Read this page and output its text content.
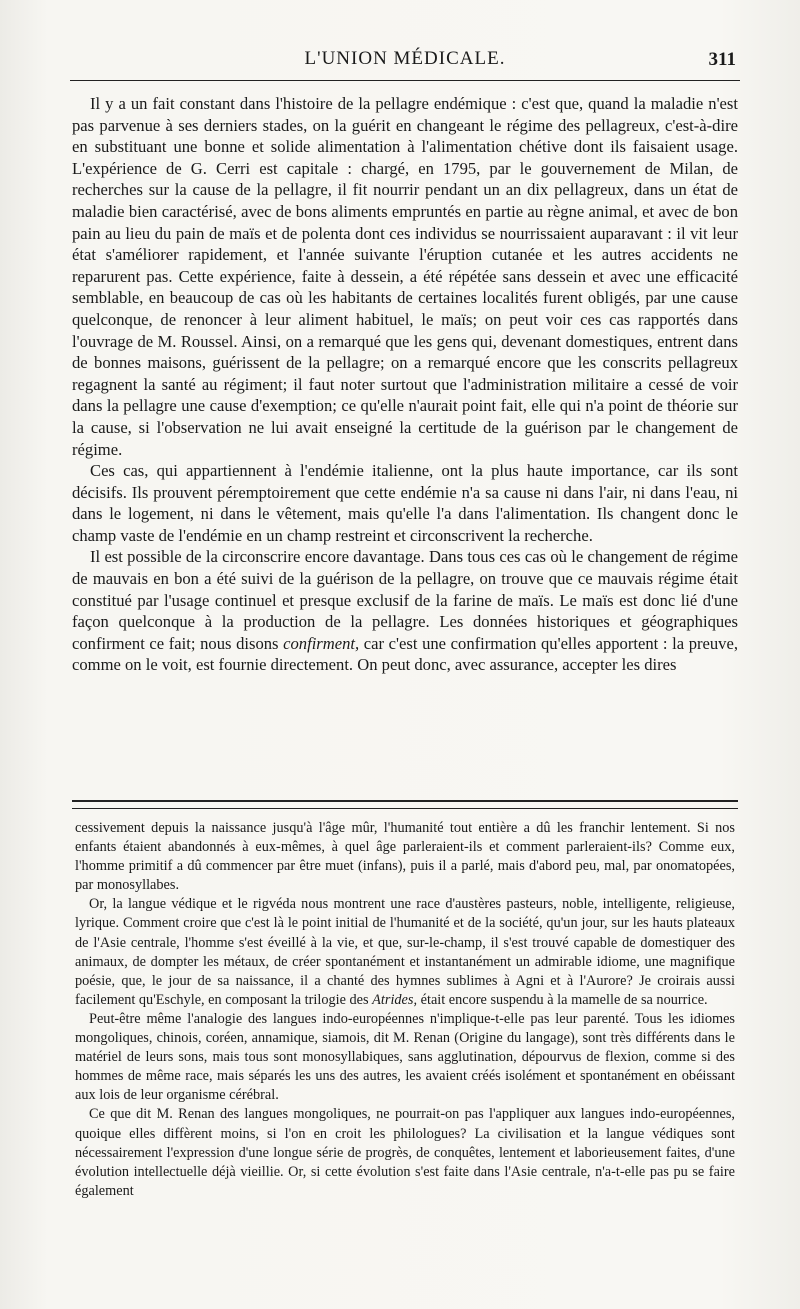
L'UNION MÉDICALE.	311

Il y a un fait constant dans l'histoire de la pellagre endémique : c'est que, quand la maladie n'est pas parvenue à ses derniers stades, on la guérit en changeant le régime des pellagreux, c'est-à-dire en substituant une bonne et solide alimentation à l'alimentation chétive dont ils faisaient usage. L'expérience de G. Cerri est capitale : chargé, en 1795, par le gouvernement de Milan, de recherches sur la cause de la pellagre, il fit nourrir pendant un an dix pellagreux, dans un état de maladie bien caractérisé, avec de bons aliments empruntés en partie au règne animal, et avec de bon pain au lieu du pain de maïs et de polenta dont ces individus se nourrissaient auparavant : il vit leur état s'améliorer rapidement, et l'année suivante l'éruption cutanée et les autres accidents ne reparurent pas. Cette expérience, faite à dessein, a été répétée sans dessein et avec une efficacité semblable, en beaucoup de cas où les habitants de certaines localités furent obligés, par une cause quelconque, de renoncer à leur aliment habituel, le maïs; on peut voir ces cas rapportés dans l'ouvrage de M. Roussel. Ainsi, on a remarqué que les gens qui, devenant domestiques, entrent dans de bonnes maisons, guérissent de la pellagre; on a remarqué encore que les conscrits pellagreux regagnent la santé au régiment; il faut noter surtout que l'administration militaire a cessé de voir dans la pellagre une cause d'exemption; ce qu'elle n'aurait point fait, elle qui n'a point de théorie sur la cause, si l'observation ne lui avait enseigné la certitude de la guérison par le changement de régime.

Ces cas, qui appartiennent à l'endémie italienne, ont la plus haute importance, car ils sont décisifs. Ils prouvent péremptoirement que cette endémie n'a sa cause ni dans l'air, ni dans l'eau, ni dans le logement, ni dans le vêtement, mais qu'elle l'a dans l'alimentation. Ils changent donc le champ vaste de l'endémie en un champ restreint et circonscrivent la recherche.

Il est possible de la circonscrire encore davantage. Dans tous ces cas où le changement de régime de mauvais en bon a été suivi de la guérison de la pellagre, on trouve que ce mauvais régime était constitué par l'usage continuel et presque exclusif de la farine de maïs. Le maïs est donc lié d'une façon quelconque à la production de la pellagre. Les données historiques et géographiques confirment ce fait; nous disons confirment, car c'est une confirmation qu'elles apportent : la preuve, comme on le voit, est fournie directement. On peut donc, avec assurance, accepter les dires

cessivement depuis la naissance jusqu'à l'âge mûr, l'humanité tout entière a dû les franchir lentement. Si nos enfants étaient abandonnés à eux-mêmes, à quel âge parleraient-ils et comment parleraient-ils? Comme eux, l'homme primitif a dû commencer par être muet (infans), puis il a parlé, mais d'abord peu, mal, par onomatopées, par monosyllabes.

Or, la langue védique et le rigvéda nous montrent une race d'austères pasteurs, noble, intelligente, religieuse, lyrique. Comment croire que c'est là le point initial de l'humanité et de la société, qu'un jour, sur les hauts plateaux de l'Asie centrale, l'homme s'est éveillé à la vie, et que, sur-le-champ, il s'est trouvé capable de domestiquer des animaux, de dompter les métaux, de créer spontanément et instantanément un admirable idiome, une magnifique poésie, que, le jour de sa naissance, il a chanté des hymnes sublimes à Agni et à l'Aurore? Je croirais aussi facilement qu'Eschyle, en composant la trilogie des Atrides, était encore suspendu à la mamelle de sa nourrice.

Peut-être même l'analogie des langues indo-européennes n'implique-t-elle pas leur parenté. Tous les idiomes mongoliques, chinois, coréen, annamique, siamois, dit M. Renan (Origine du langage), sont très différents dans le matériel de leurs sons, mais tous sont monosyllabiques, sans agglutination, dépourvus de flexion, comme si des hommes de même race, mais séparés les uns des autres, les avaient créés isolément et spontanément en obéissant aux lois de leur organisme cérébral.

Ce que dit M. Renan des langues mongoliques, ne pourrait-on pas l'appliquer aux langues indo-européennes, quoique elles diffèrent moins, si l'on en croit les philologues? La civilisation et la langue védiques sont nécessairement l'expression d'une longue série de progrès, de conquêtes, lentement et laborieusement faites, d'une évolution intellectuelle déjà vieillie. Or, si cette évolution s'est faite dans l'Asie centrale, n'a-t-elle pas pu se faire également
